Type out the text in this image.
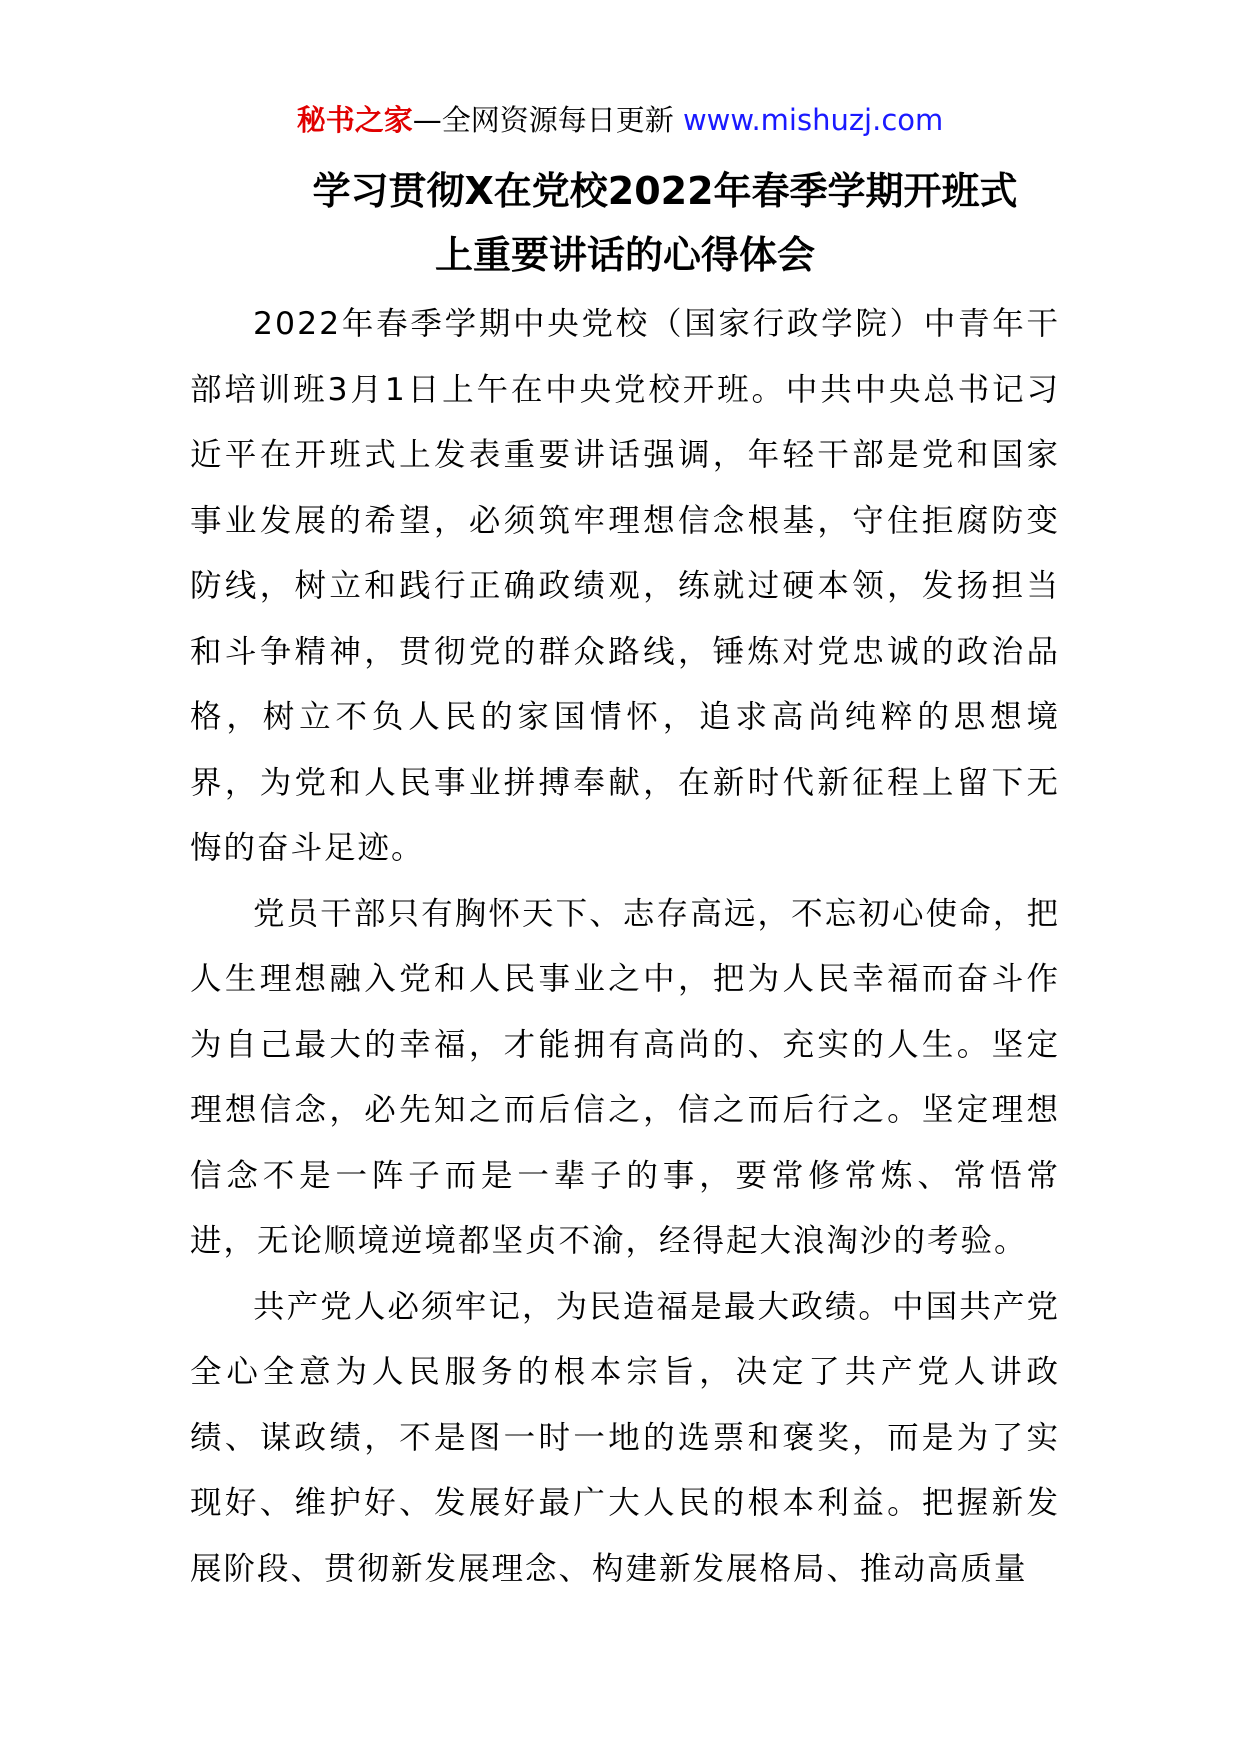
秘书之家—全网资源每日更新 www.mishuzj.com
学习贯彻X在党校2022年春季学期开班式
上重要讲话的心得体会

2022年春季学期中央党校（国家行政学院）中青年干部培训班3月1日上午在中央党校开班。中共中央总书记习近平在开班式上发表重要讲话强调，年轻干部是党和国家事业发展的希望，必须筑牢理想信念根基，守住拒腐防变防线，树立和践行正确政绩观，练就过硬本领，发扬担当和斗争精神，贯彻党的群众路线，锤炼对党忠诚的政治品格，树立不负人民的家国情怀，追求高尚纯粹的思想境界，为党和人民事业拼搏奉献，在新时代新征程上留下无悔的奋斗足迹。

党员干部只有胸怀天下、志存高远，不忘初心使命，把人生理想融入党和人民事业之中，把为人民幸福而奋斗作为自己最大的幸福，才能拥有高尚的、充实的人生。坚定理想信念，必先知之而后信之，信之而后行之。坚定理想信念不是一阵子而是一辈子的事，要常修常炼、常悟常进，无论顺境逆境都坚贞不渝，经得起大浪淘沙的考验。

共产党人必须牢记，为民造福是最大政绩。中国共产党全心全意为人民服务的根本宗旨，决定了共产党人讲政绩、谋政绩，不是图一时一地的选票和褒奖，而是为了实现好、维护好、发展好最广大人民的根本利益。把握新发展阶段、贯彻新发展理念、构建新发展格局、推动高质量
